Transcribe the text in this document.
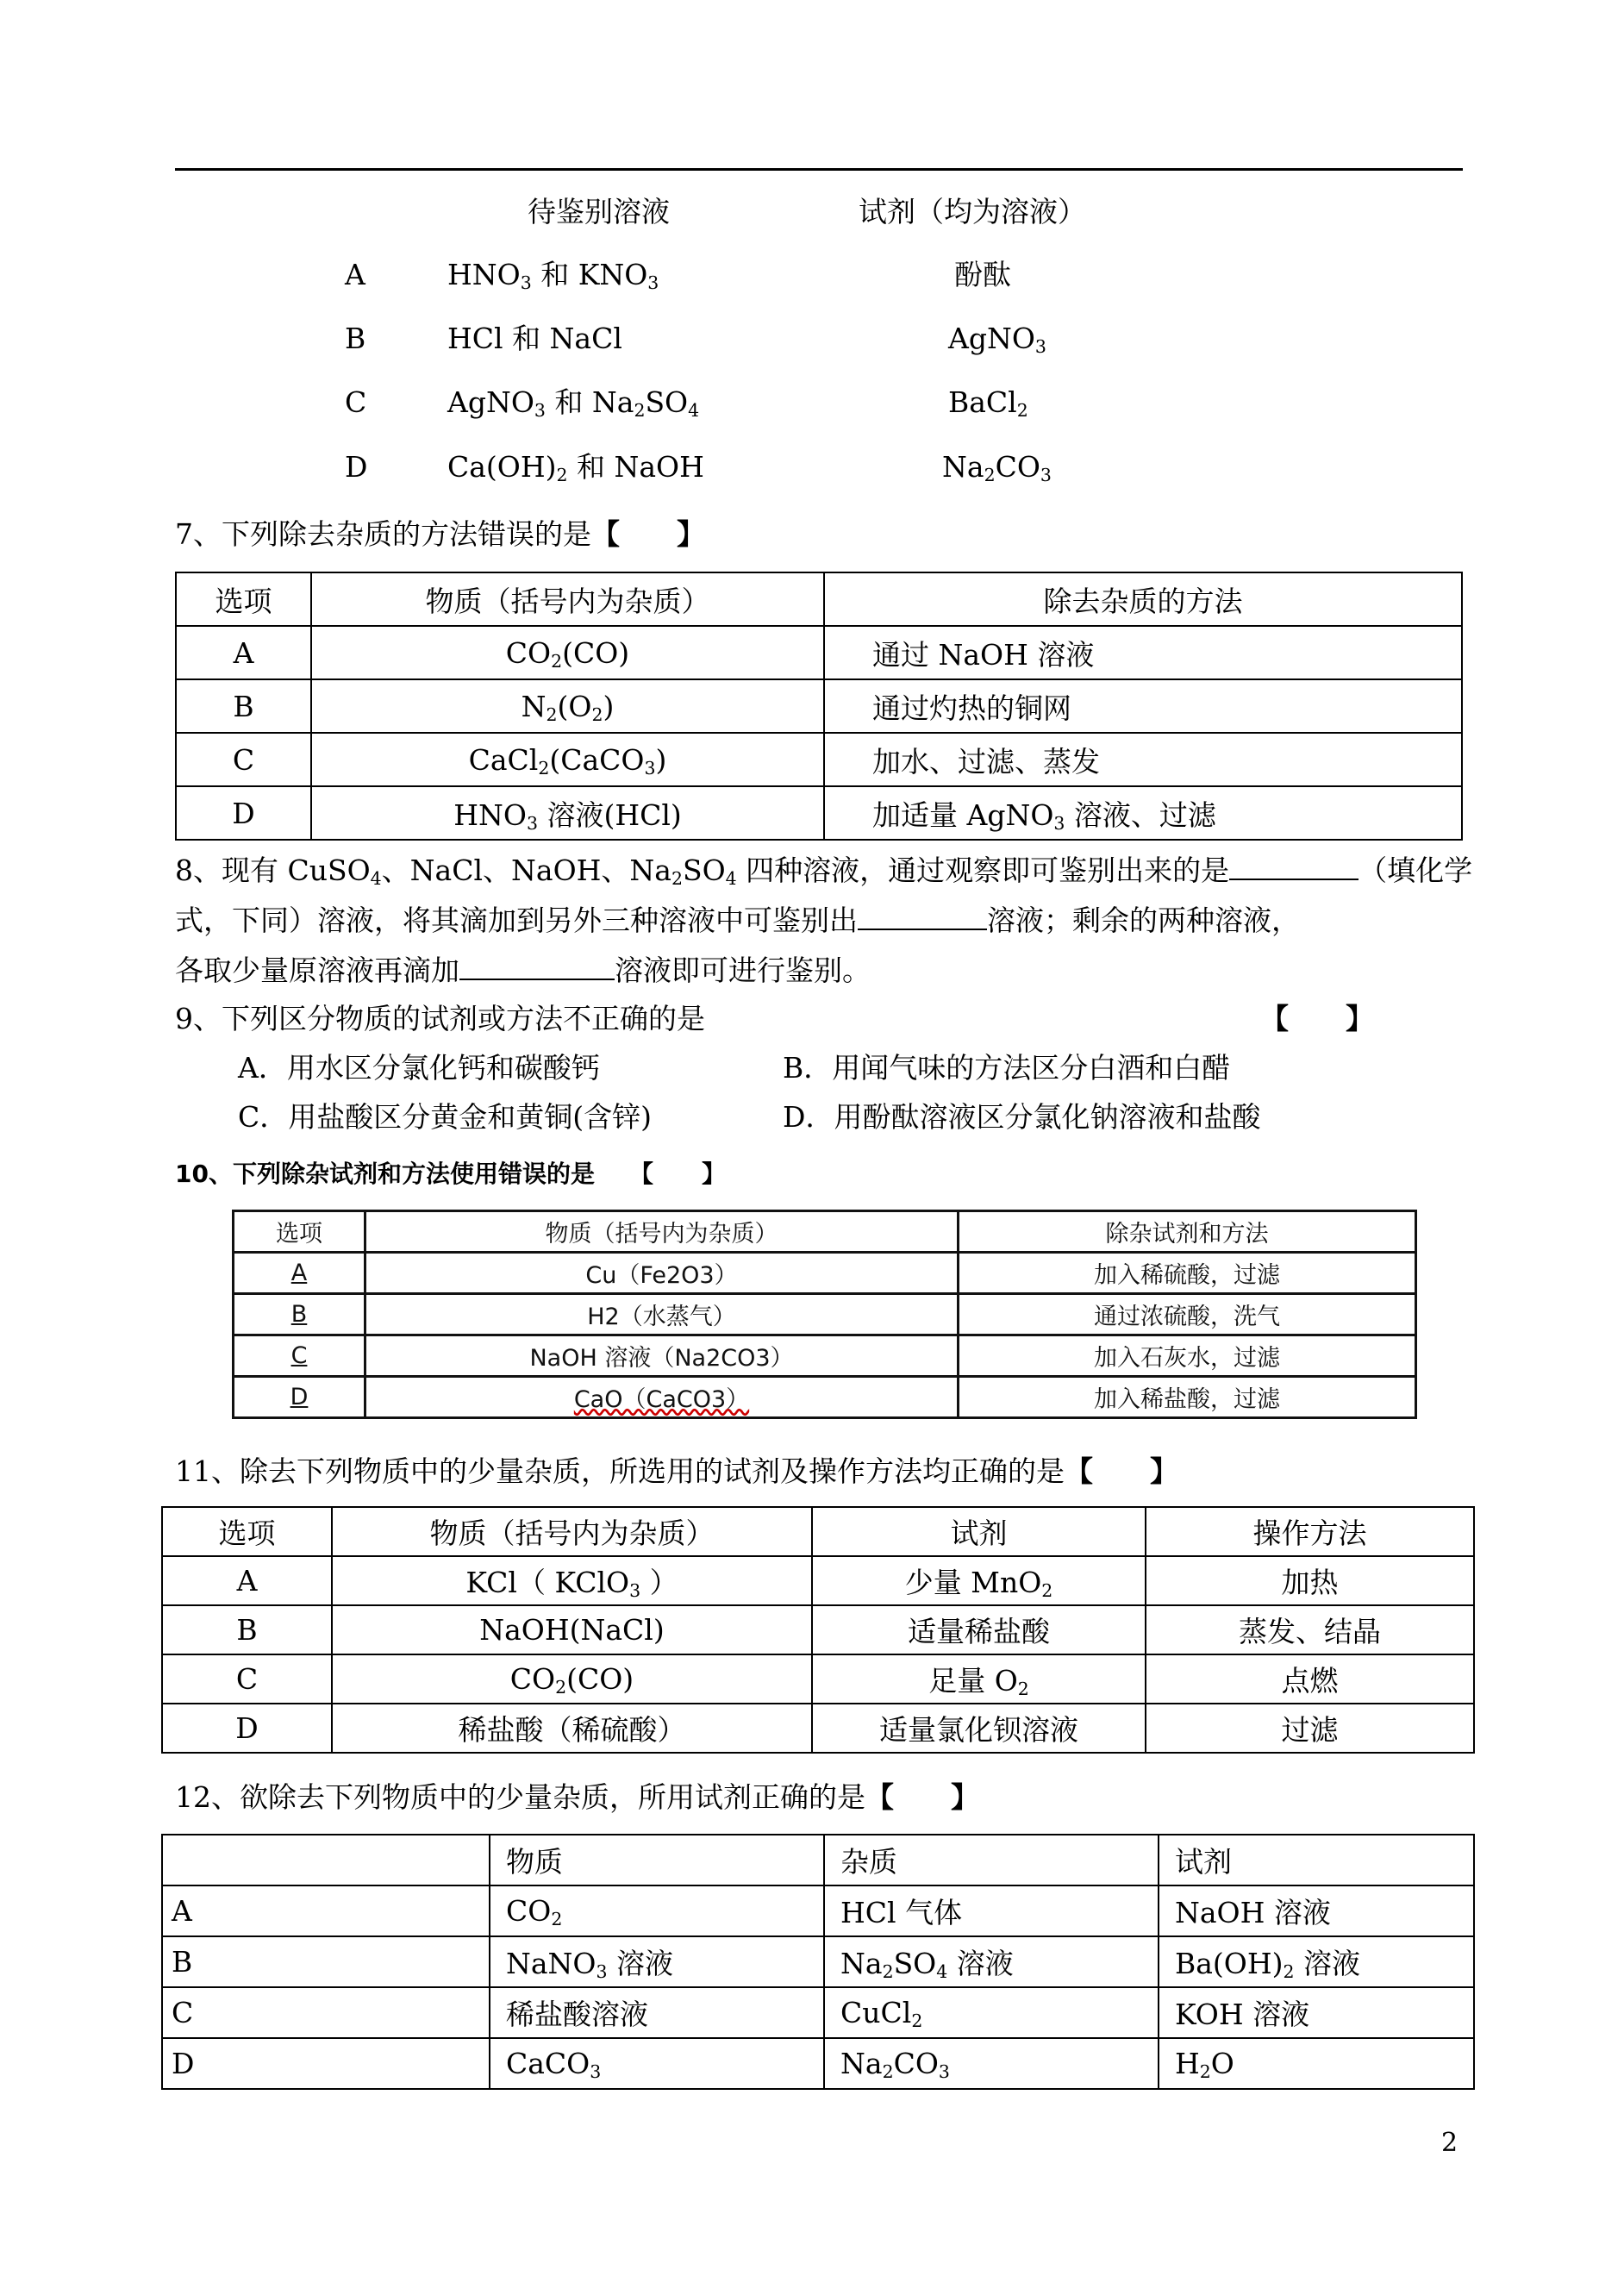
待鉴别溶液	试剂（均为溶液）
A	$HNO_3$ 和 $KNO_3$	酚酞
B	HCl 和 NaCl	AgNO$_3$
C	AgNO$_3$ 和 $Na_2SO_4$	BaCl$_2$
D	$Ca(OH)_2$ 和 NaOH	$Na_2CO_3$
7、下列除去杂质的方法错误的是【　　】
选项	物质（括号内为杂质）	除去杂质的方法
A	$CO_2(CO)$	通过 NaOH 溶液
B	$N_2(O_2)$	通过灼热的铜网
C	CaCl$_2$(CaCO$_3$)	加水、过滤、蒸发
D	$HNO_3$ 溶液(HCl)	加适量 AgNO$_3$ 溶液、过滤
8、现有 CuSO$_4$、NaCl、NaOH、$Na_2SO_4$ 四种溶液，通过观察即可鉴别出来的是	（填化学
式，下同）溶液，将其滴加到另外三种溶液中可鉴别出	溶液；剩余的两种溶液，
各取少量原溶液再滴加	溶液即可进行鉴别。
9、下列区分物质的试剂或方法不正确的是	【　　】
A．用水区分氯化钙和碳酸钙	B．用闻气味的方法区分白酒和白醋
C．用盐酸区分黄金和黄铜(含锌)	D．用酚酞溶液区分氯化钠溶液和盐酸
10、下列除杂试剂和方法使用错误的是 【　　】
选项	物质（括号内为杂质）	除杂试剂和方法
A	Cu（Fe2O3）	加入稀硫酸，过滤
B	H2（水蒸气）	通过浓硫酸，洗气
C	NaOH 溶液（Na2CO3）	加入石灰水，过滤
D	CaO（CaCO3）	加入稀盐酸，过滤
11、除去下列物质中的少量杂质，所选用的试剂及操作方法均正确的是【　　】
选项	物质（括号内为杂质）	试剂	操作方法
A	KCl（ KClO$_3$ ）	少量 MnO$_2$	加热
B	NaOH(NaCl)	适量稀盐酸	蒸发、结晶
C	$CO_2(CO)$	足量 $O_2$	点燃
D	稀盐酸（稀硫酸）	适量氯化钡溶液	过滤
12、欲除去下列物质中的少量杂质，所用试剂正确的是【　　】
	物质	杂质	试剂
A	$CO_2$	HCl 气体	NaOH 溶液
B	NaNO$_3$ 溶液	$Na_2SO_4$ 溶液	$Ba(OH)_2$ 溶液
C	稀盐酸溶液	CuCl$_2$	KOH 溶液
D	CaCO$_3$	$Na_2CO_3$	$H_2O$
2
